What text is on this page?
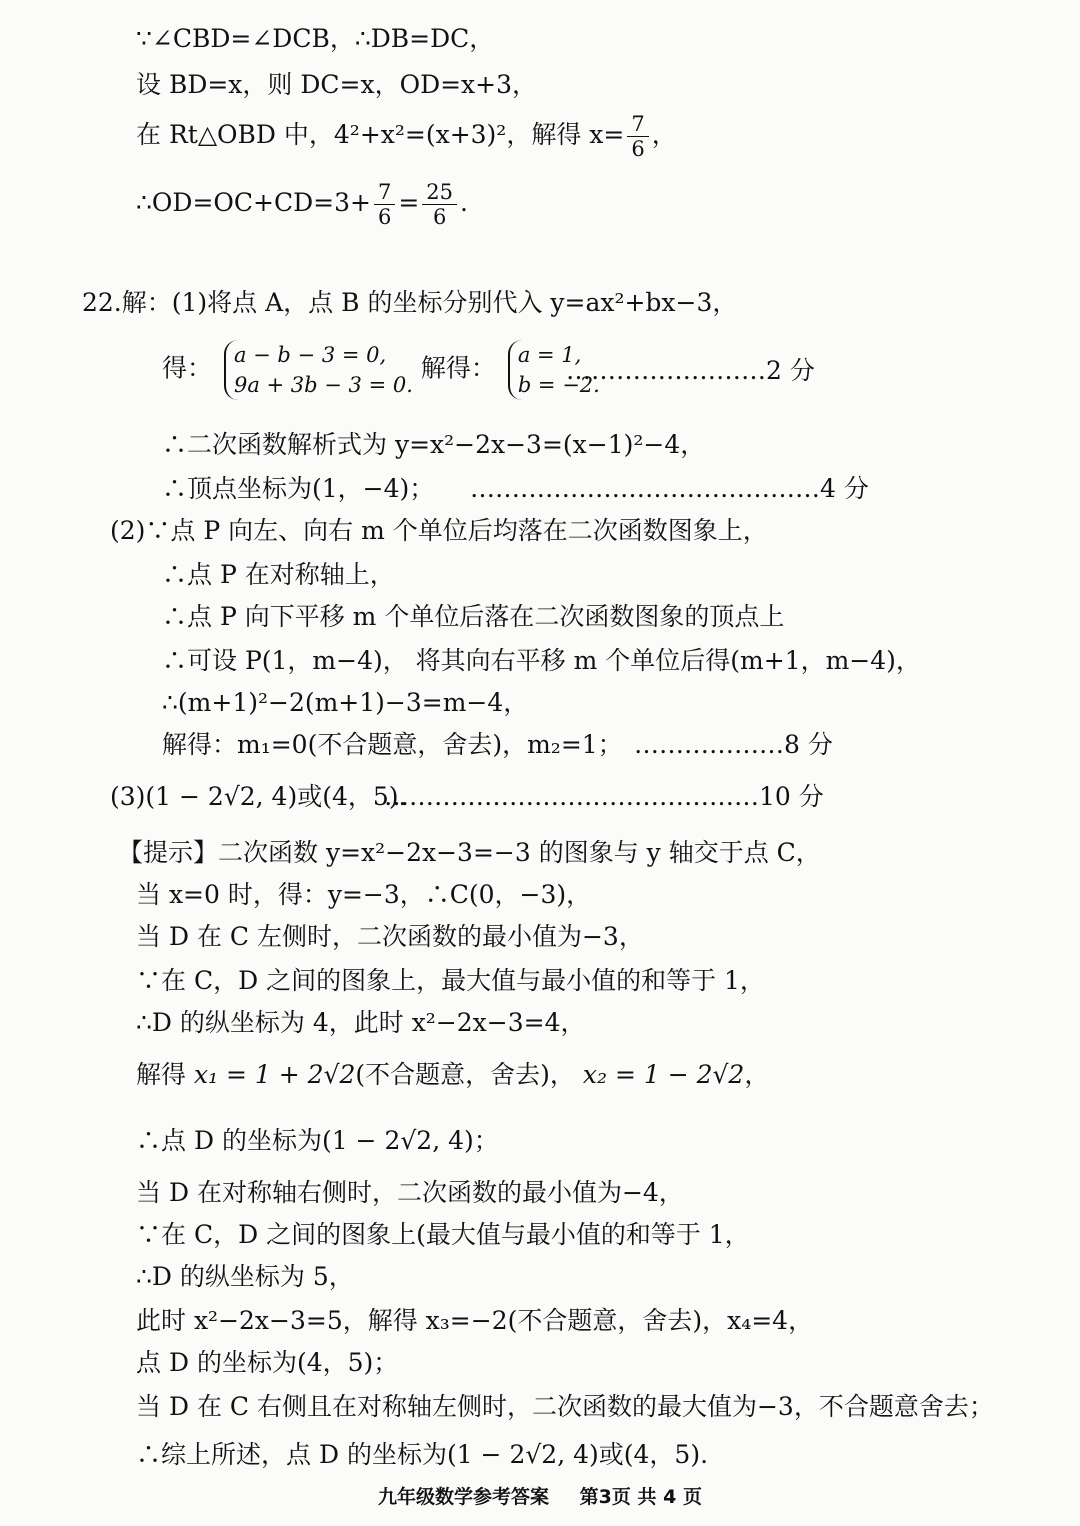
∵∠CBD=∠DCB，∴DB=DC，
设 BD=x，则 DC=x，OD=x+3，
在 Rt△OBD 中，4²+x²=(x+3)²，解得 $x= \frac{7}{6}$ ，
∴OD=OC+CD=3+ $\frac{7}{6} = \frac{25}{6}$ .
22.解：(1)将点 A，点 B 的坐标分别代入 y=ax²+bx−3，
得： a − b − 3 = 0,
9a + 3b − 3 = 0.
解得： a = 1,
b = −2.
……………………2 分
∴二次函数解析式为 y=x²−2x−3=(x−1)²−4，
∴顶点坐标为(1，−4)； ……………………………………4 分
(2)∵点 P 向左、向右 m 个单位后均落在二次函数图象上，
∴点 P 在对称轴上，
∴点 P 向下平移 m 个单位后落在二次函数图象的顶点上
∴可设 P(1，m−4)， 将其向右平移 m 个单位后得(m+1，m−4)，
∴(m+1)²−2(m+1)−3=m−4，
解得：m₁=0(不合题意，舍去)，m₂=1； ………………8 分
(3)(1 − 2√2, 4)或(4，5).
………………………………………10 分
【提示】二次函数 y=x²−2x−3=−3 的图象与 y 轴交于点 C，
当 x=0 时，得：y=−3，∴C(0，−3)，
当 D 在 C 左侧时，二次函数的最小值为−3，
∵在 C，D 之间的图象上，最大值与最小值的和等于 1，
∴D 的纵坐标为 4，此时 x²−2x−3=4，
解得 x₁ = 1 + 2√2(不合题意，舍去)， x₂ = 1 − 2√2，
∴点 D 的坐标为(1 − 2√2, 4)；
当 D 在对称轴右侧时，二次函数的最小值为−4，
∵在 C，D 之间的图象上(最大值与最小值的和等于 1，
∴D 的纵坐标为 5，
此时 x²−2x−3=5，解得 x₃=−2(不合题意，舍去)，x₄=4，
点 D 的坐标为(4，5)；
当 D 在 C 右侧且在对称轴左侧时，二次函数的最大值为−3，不合题意舍去；
∴综上所述，点 D 的坐标为(1 − 2√2, 4)或(4，5).
九年级数学参考答案 第3页 共 4 页
